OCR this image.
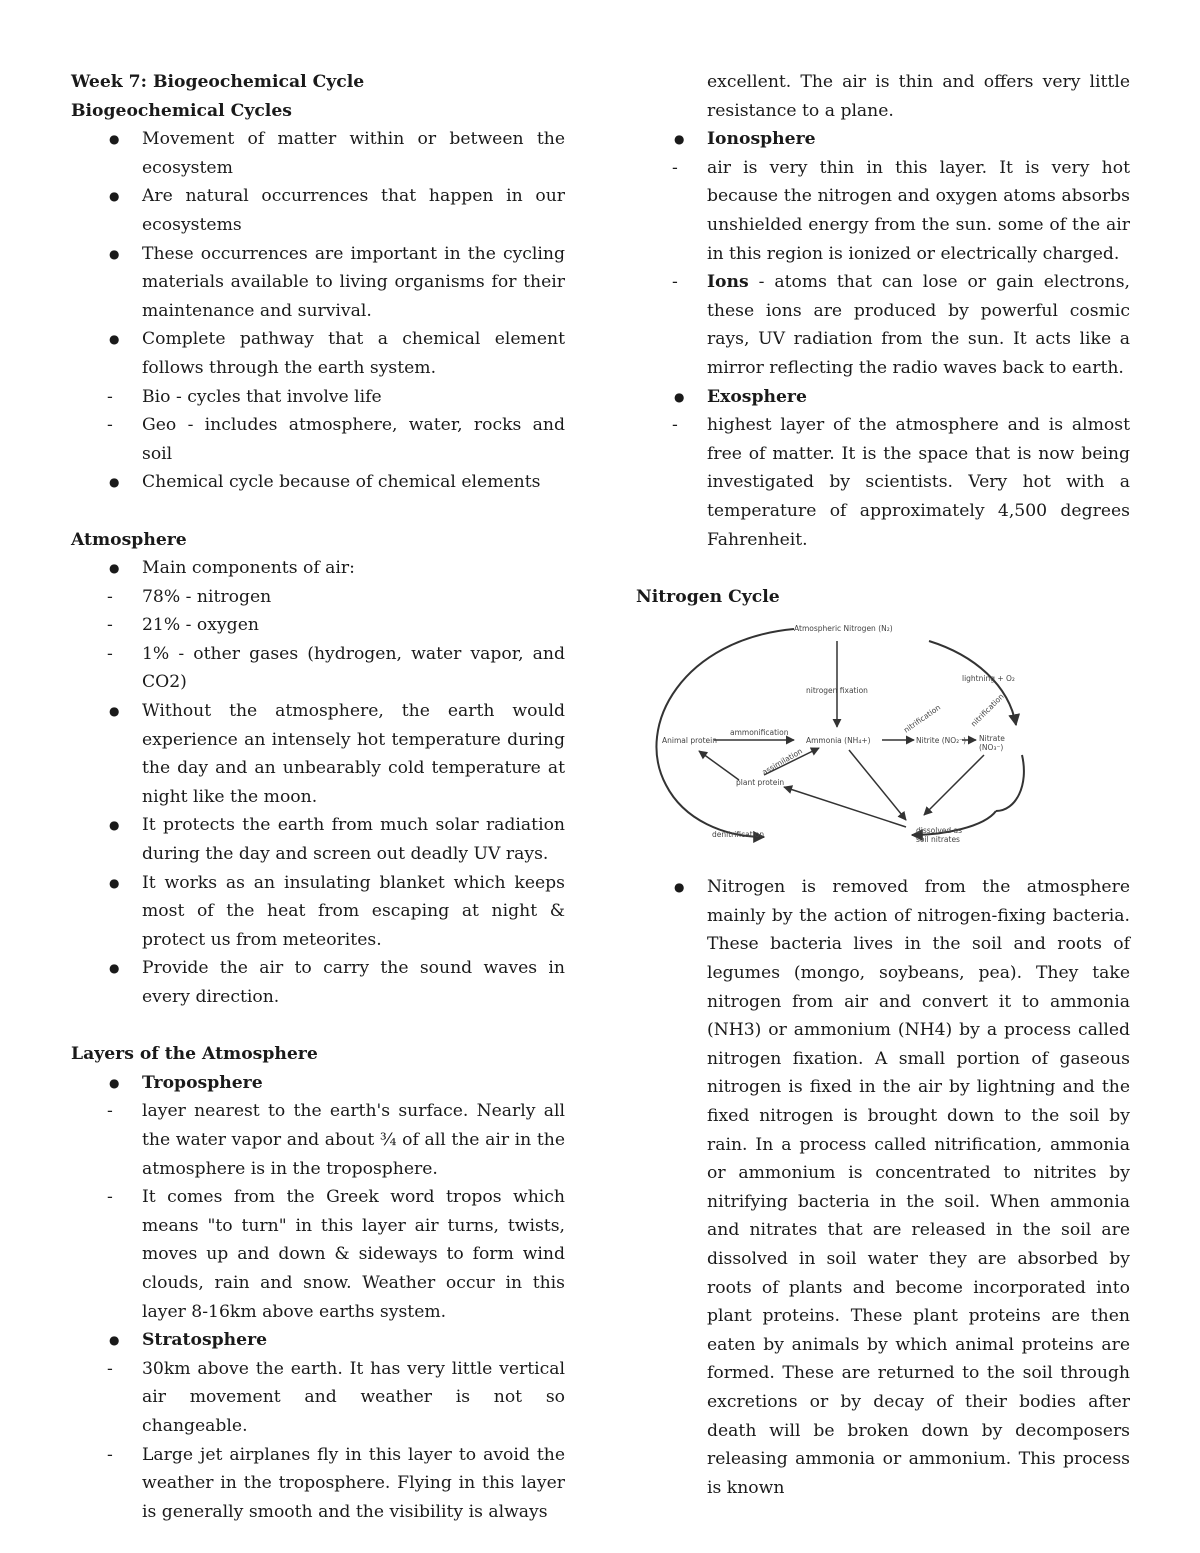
Week 7: Biogeochemical Cycle

Biogeochemical Cycles

● Movement of matter within or between the ecosystem
● Are natural occurrences that happen in our ecosystems
● These occurrences are important in the cycling materials available to living organisms for their maintenance and survival.
● Complete pathway that a chemical element follows through the earth system.
- Bio - cycles that involve life
- Geo - includes atmosphere, water, rocks and soil
● Chemical cycle because of chemical elements

Atmosphere

● Main components of air:
- 78% - nitrogen
- 21% - oxygen
- 1% - other gases (hydrogen, water vapor, and CO2)
● Without the atmosphere, the earth would experience an intensely hot temperature during the day and an unbearably cold temperature at night like the moon.
● It protects the earth from much solar radiation during the day and screen out deadly UV rays.
● It works as an insulating blanket which keeps most of the heat from escaping at night & protect us from meteorites.
● Provide the air to carry the sound waves in every direction.

Layers of the Atmosphere

● Troposphere
- layer nearest to the earth's surface. Nearly all the water vapor and about ¾ of all the air in the atmosphere is in the troposphere.
- It comes from the Greek word tropos which means "to turn" in this layer air turns, twists, moves up and down & sideways to form wind clouds, rain and snow. Weather occur in this layer 8-16km above earths system.
● Stratosphere
- 30km above the earth. It has very little vertical air movement and weather is not so changeable.
- Large jet airplanes fly in this layer to avoid the weather in the troposphere. Flying in this layer is generally smooth and the visibility is always
excellent. The air is thin and offers very little resistance to a plane.
● Ionosphere
- air is very thin in this layer. It is very hot because the nitrogen and oxygen atoms absorbs unshielded energy from the sun. some of the air in this region is ionized or electrically charged.
- Ions - atoms that can lose or gain electrons, these ions are produced by powerful cosmic rays, UV radiation from the sun. It acts like a mirror reflecting the radio waves back to earth.
● Exosphere
- highest layer of the atmosphere and is almost free of matter. It is the space that is now being investigated by scientists. Very hot with a temperature of approximately 4,500 degrees Fahrenheit.

Nitrogen Cycle

Atmospheric Nitrogen (N₂)
lightning + O₂
nitrogen fixation
Animal protein
ammonification
Ammonia (NH₄+)
nitrification
Nitrite (NO₂⁻)
nitrification
Nitrate
(NO₃⁻)
assimilation
plant protein
denitrification	dissolved as
soil nitrates
● Nitrogen is removed from the atmosphere mainly by the action of nitrogen-fixing bacteria. These bacteria lives in the soil and roots of legumes (mongo, soybeans, pea). They take nitrogen from air and convert it to ammonia (NH3) or ammonium (NH4) by a process called nitrogen fixation. A small portion of gaseous nitrogen is fixed in the air by lightning and the fixed nitrogen is brought down to the soil by rain. In a process called nitrification, ammonia or ammonium is concentrated to nitrites by nitrifying bacteria in the soil. When ammonia and nitrates that are released in the soil are dissolved in soil water they are absorbed by roots of plants and become incorporated into plant proteins. These plant proteins are then eaten by animals by which animal proteins are formed. These are returned to the soil through excretions or by decay of their bodies after death will be broken down by decomposers releasing ammonia or ammonium. This process is known
